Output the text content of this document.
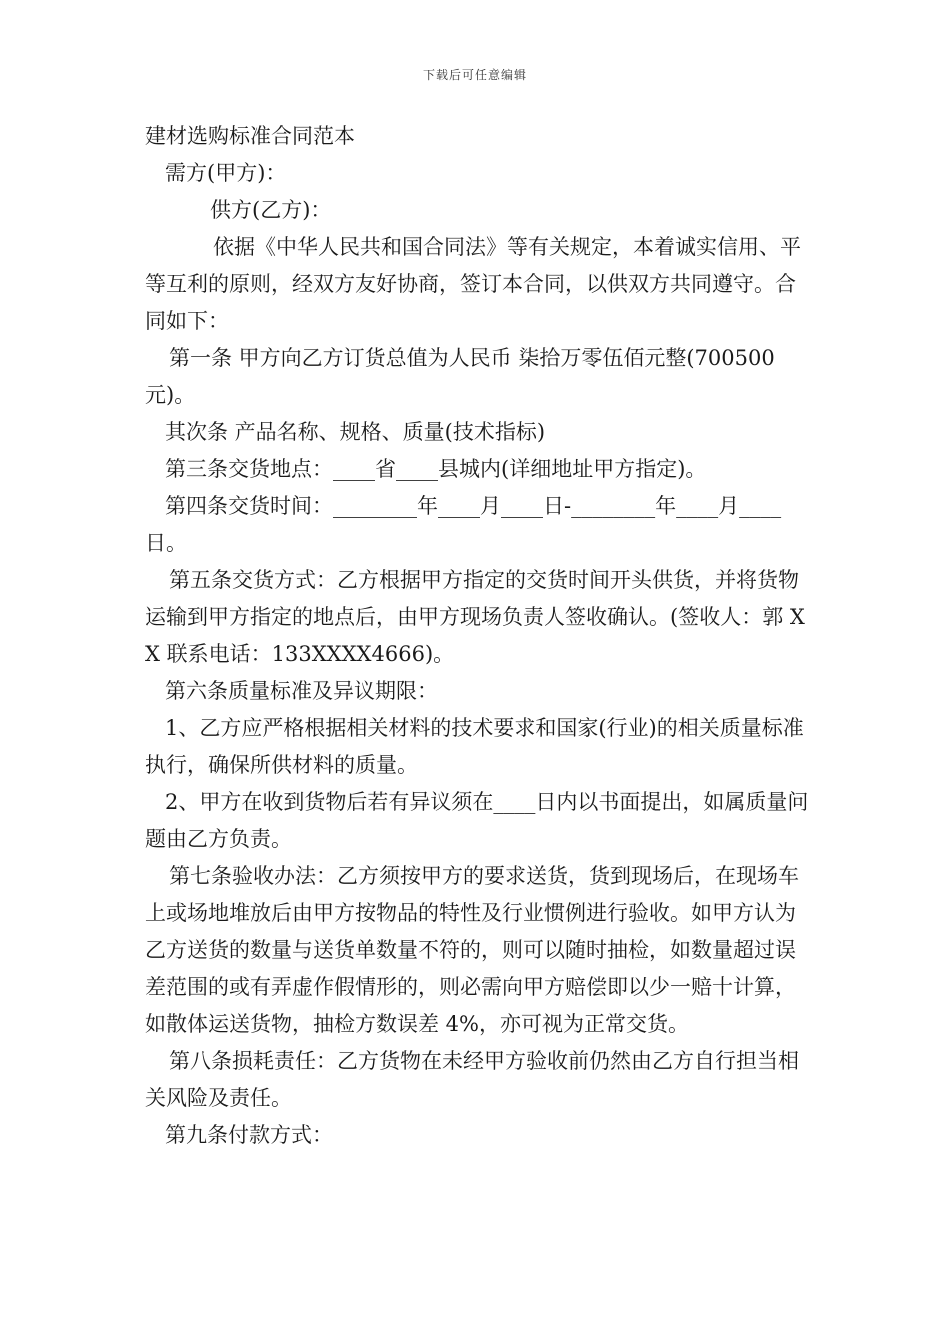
下载后可任意编辑

建材选购标准合同范本

需方(甲方)：

供方(乙方)：

依据《中华人民共和国合同法》等有关规定，本着诚实信用、平等互利的原则，经双方友好协商，签订本合同，以供双方共同遵守。合同如下：

第一条 甲方向乙方订货总值为人民币 柒拾万零伍佰元整(700500元)。

其次条 产品名称、规格、质量(技术指标)

第三条交货地点：____省____县城内(详细地址甲方指定)。

第四条交货时间：________年____月____日-________年____月____日。

第五条交货方式：乙方根据甲方指定的交货时间开头供货，并将货物运输到甲方指定的地点后，由甲方现场负责人签收确认。(签收人：郭 XX 联系电话：133XXXX4666)。

第六条质量标准及异议期限：

1、乙方应严格根据相关材料的技术要求和国家(行业)的相关质量标准执行，确保所供材料的质量。

2、甲方在收到货物后若有异议须在____日内以书面提出，如属质量问题由乙方负责。

第七条验收办法：乙方须按甲方的要求送货，货到现场后，在现场车上或场地堆放后由甲方按物品的特性及行业惯例进行验收。如甲方认为乙方送货的数量与送货单数量不符的，则可以随时抽检，如数量超过误差范围的或有弄虚作假情形的，则必需向甲方赔偿即以少一赔十计算，如散体运送货物，抽检方数误差 4%，亦可视为正常交货。

第八条损耗责任：乙方货物在未经甲方验收前仍然由乙方自行担当相关风险及责任。

第九条付款方式：
